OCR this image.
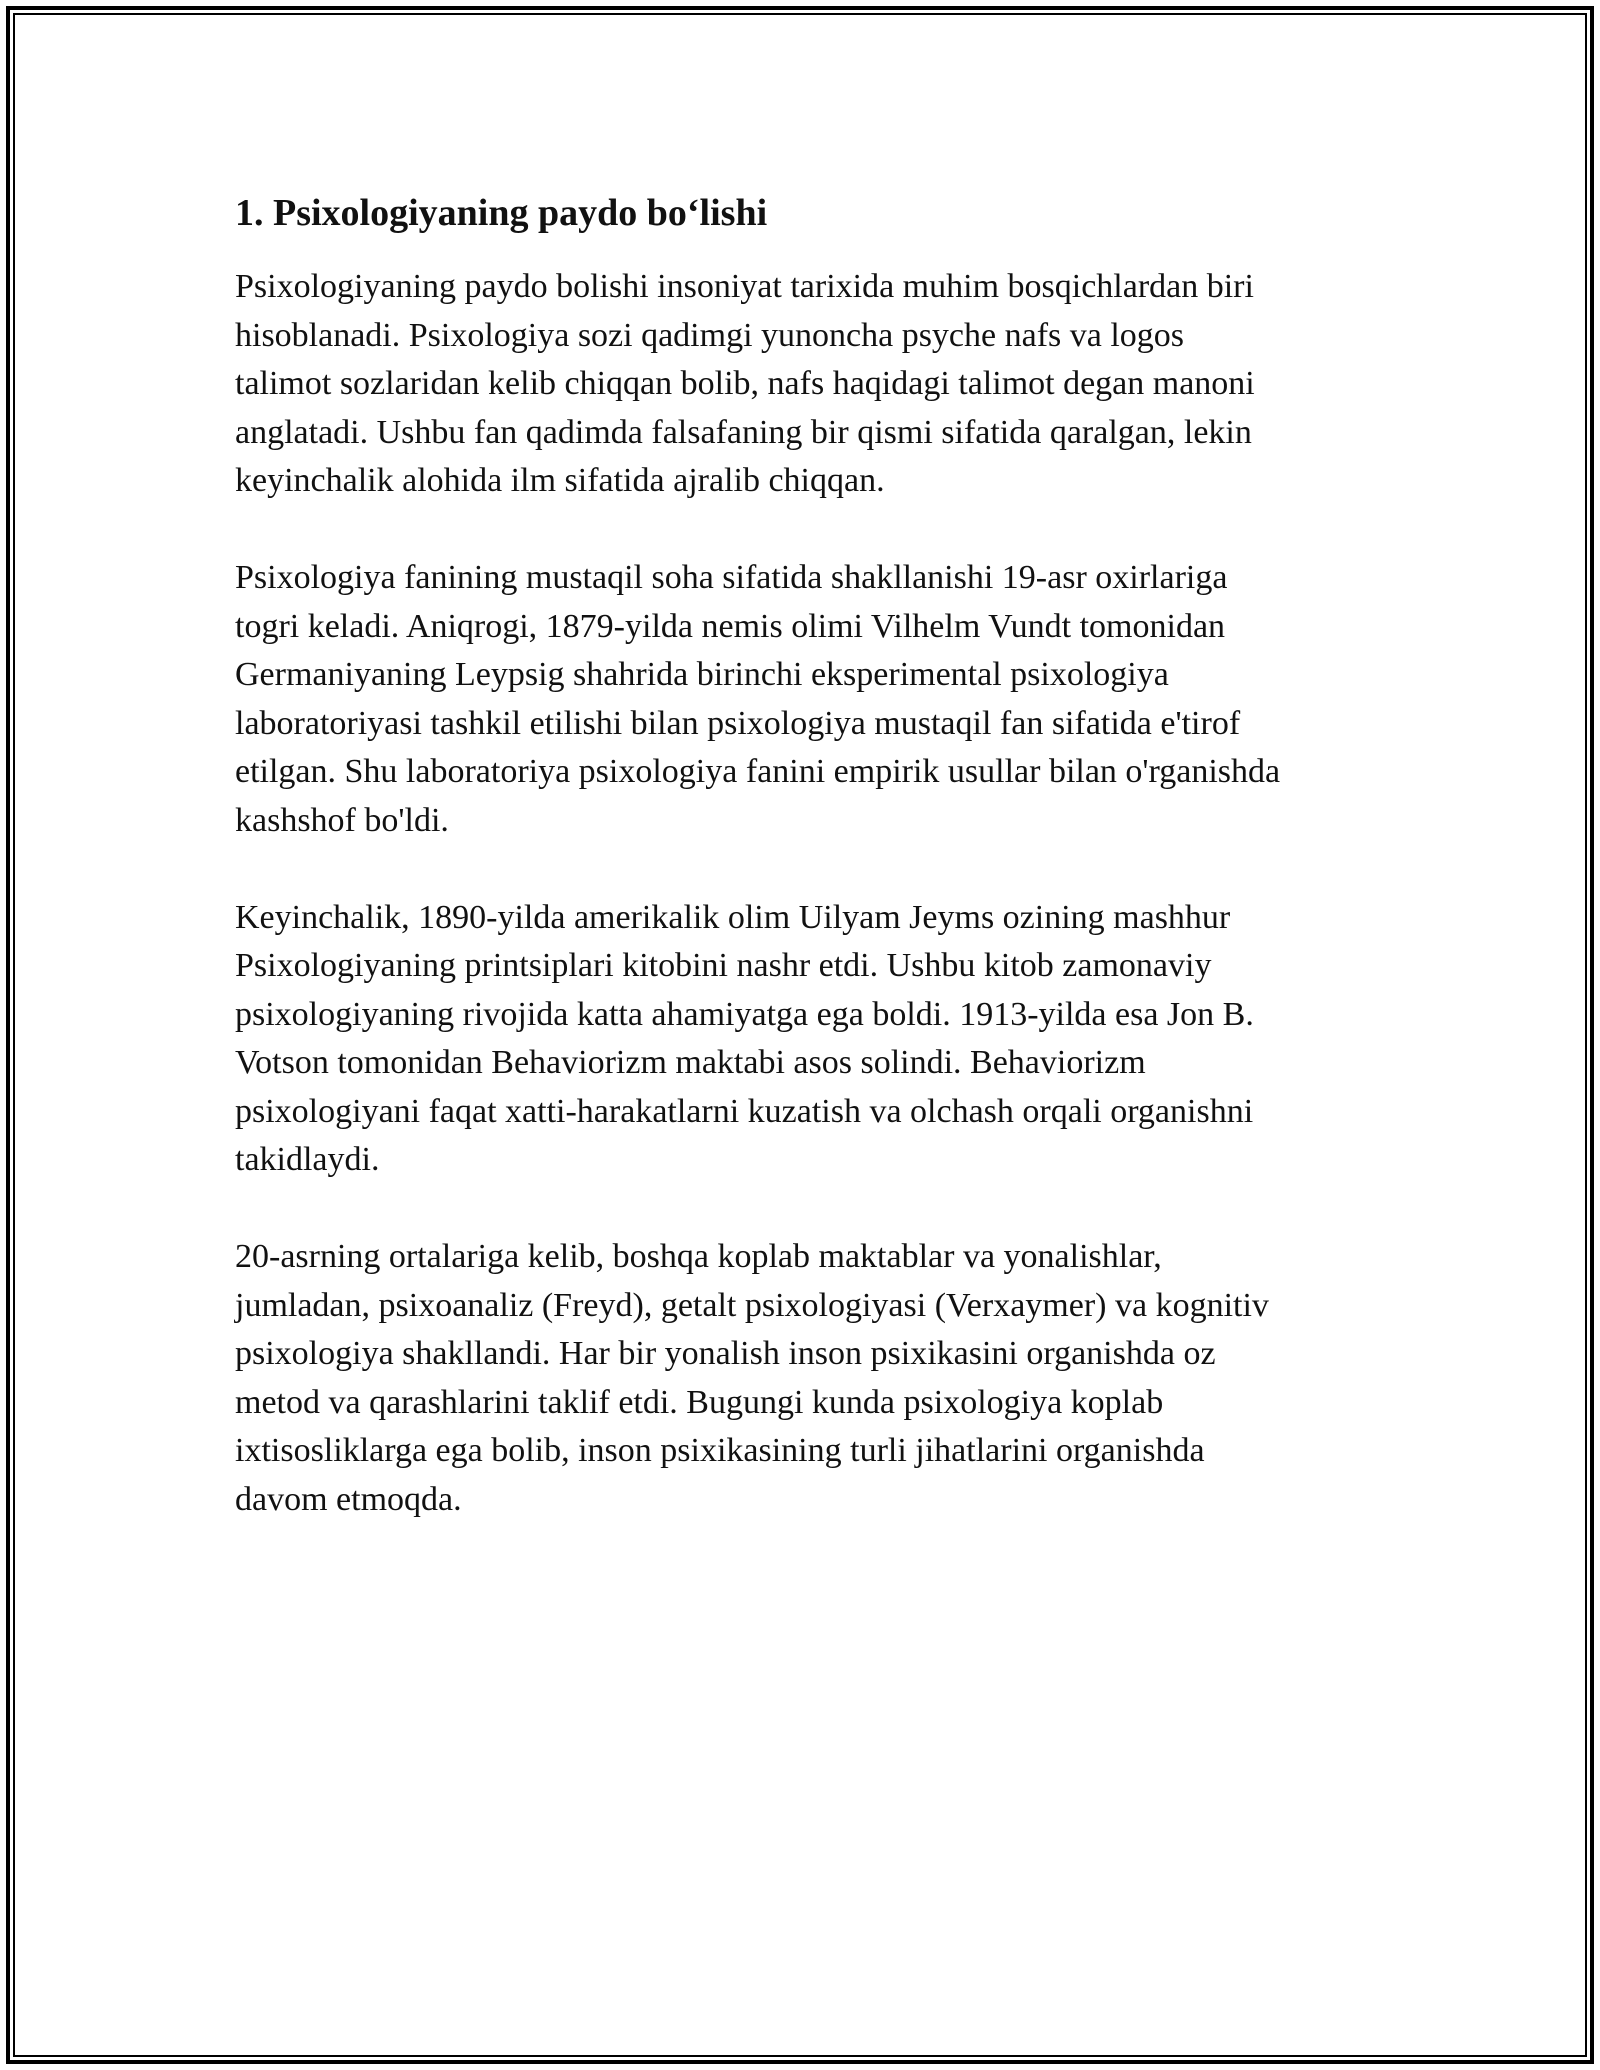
1. Psixologiyaning paydo bo‘lishi

Psixologiyaning paydo bolishi insoniyat tarixida muhim bosqichlardan biri
hisoblanadi. Psixologiya sozi qadimgi yunoncha psyche nafs va logos
talimot sozlaridan kelib chiqqan bolib, nafs haqidagi talimot degan manoni
anglatadi. Ushbu fan qadimda falsafaning bir qismi sifatida qaralgan, lekin
keyinchalik alohida ilm sifatida ajralib chiqqan.

Psixologiya fanining mustaqil soha sifatida shakllanishi 19-asr oxirlariga
togri keladi. Aniqrogi, 1879-yilda nemis olimi Vilhelm Vundt tomonidan
Germaniyaning Leypsig shahrida birinchi eksperimental psixologiya
laboratoriyasi tashkil etilishi bilan psixologiya mustaqil fan sifatida e'tirof
etilgan. Shu laboratoriya psixologiya fanini empirik usullar bilan o'rganishda
kashshof bo'ldi.

Keyinchalik, 1890-yilda amerikalik olim Uilyam Jeyms ozining mashhur
Psixologiyaning printsiplari kitobini nashr etdi. Ushbu kitob zamonaviy
psixologiyaning rivojida katta ahamiyatga ega boldi. 1913-yilda esa Jon B.
Votson tomonidan Behaviorizm maktabi asos solindi. Behaviorizm
psixologiyani faqat xatti-harakatlarni kuzatish va olchash orqali organishni
takidlaydi.

20-asrning ortalariga kelib, boshqa koplab maktablar va yonalishlar,
jumladan, psixoanaliz (Freyd), getalt psixologiyasi (Verxaymer) va kognitiv
psixologiya shakllandi. Har bir yonalish inson psixikasini organishda oz
metod va qarashlarini taklif etdi. Bugungi kunda psixologiya koplab
ixtisosliklarga ega bolib, inson psixikasining turli jihatlarini organishda
davom etmoqda.
